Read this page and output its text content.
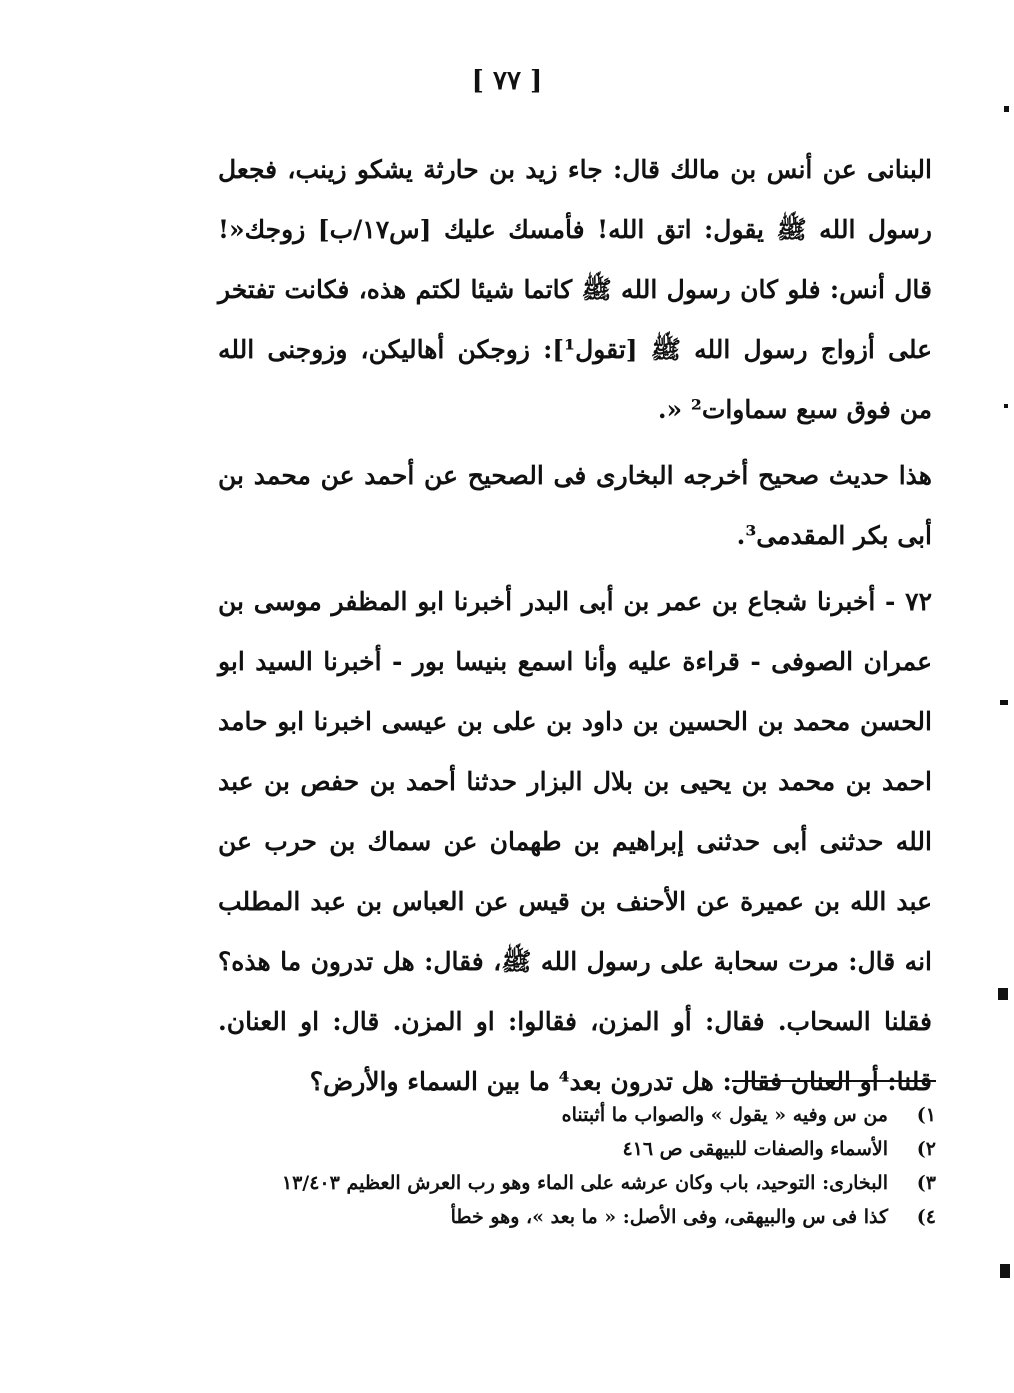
[ ٧٧ ]

البنانى عن أنس بن مالك قال: جاء زيد بن حارثة يشكو زينب، فجعل رسول الله ﷺ يقول: اتق الله! فأمسك عليك [س١٧/ب] زوجك«! قال أنس: فلو كان رسول الله ﷺ كاتما شيئا لكتم هذه، فكانت تفتخر على أزواج رسول الله ﷺ [تقول¹]: زوجكن أهاليكن، وزوجنى الله من فوق سبع سماوات² «.

هذا حديث صحيح أخرجه البخارى فى الصحيح عن أحمد عن محمد بن أبى بكر المقدمى³.

٧٢ - أخبرنا شجاع بن عمر بن أبى البدر أخبرنا ابو المظفر موسى بن عمران الصوفى - قراءة عليه وأنا اسمع بنيسا بور - أخبرنا السيد ابو الحسن محمد بن الحسين بن داود بن على بن عيسى اخبرنا ابو حامد احمد بن محمد بن يحيى بن بلال البزار حدثنا أحمد بن حفص بن عبد الله حدثنى أبى حدثنى إبراهيم بن طهمان عن سماك بن حرب عن عبد الله بن عميرة عن الأحنف بن قيس عن العباس بن عبد المطلب انه قال: مرت سحابة على رسول الله ﷺ، فقال: هل تدرون ما هذه؟ فقلنا السحاب. فقال: أو المزن، فقالوا: او المزن. قال: او العنان. قلنا: أو العنان فقال: هل تدرون بعد⁴ ما بين السماء والأرض؟

١)
من س وفيه « يقول » والصواب ما أثبتناه
٢)
الأسماء والصفات للبيهقى ص ٤١٦
٣)
البخارى: التوحيد، باب وكان عرشه على الماء وهو رب العرش العظيم ١٣/٤٠٣
٤)
كذا فى س والبيهقى، وفى الأصل: « ما بعد »، وهو خطأ
